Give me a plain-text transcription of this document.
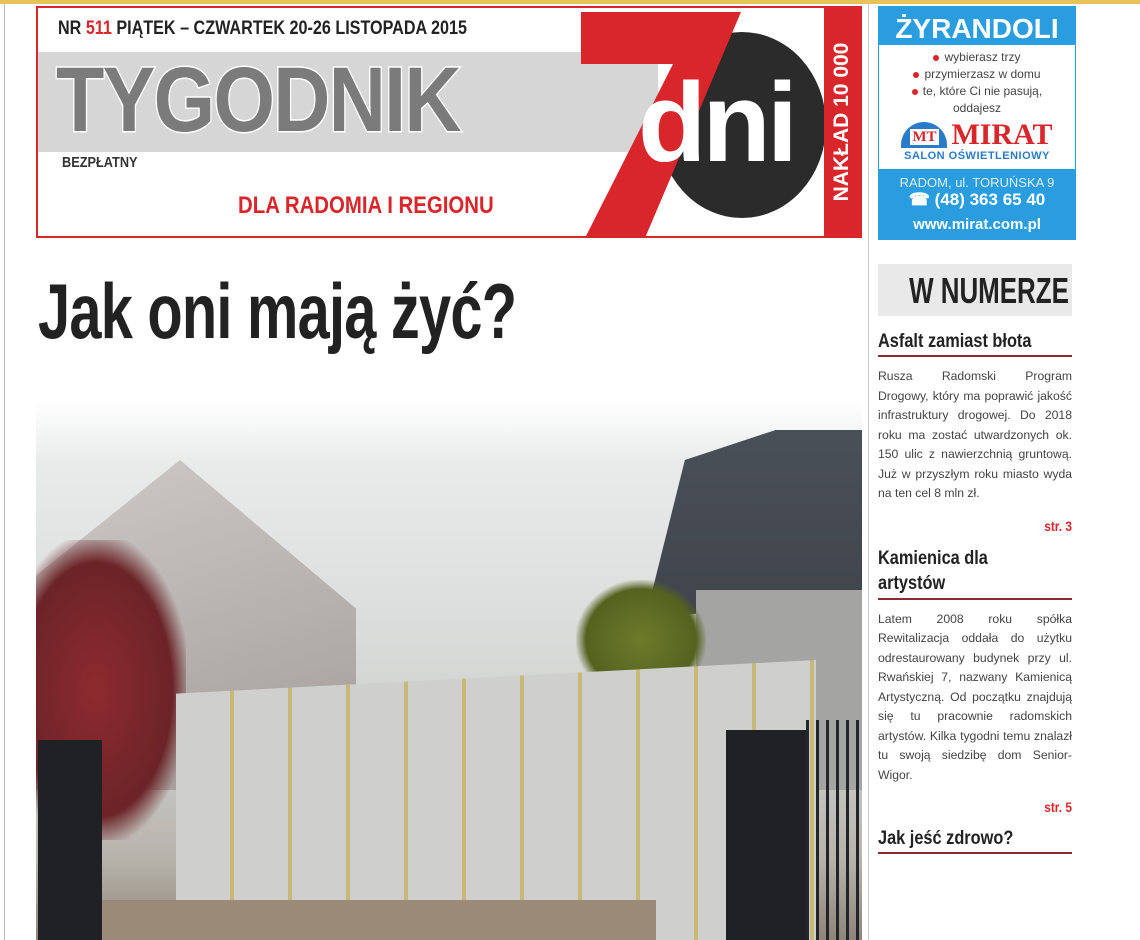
NR 511 PIĄTEK – CZWARTEK 20-26 LISTOPADA 2015
TYGODNIK
BEZPŁATNY
DLA RADOMIA I REGIONU
dni NAKŁAD 10 000
ŻYRANDOLI
wybierasz trzy
przymierzasz w domu
te, które Ci nie pasują,
oddajesz
MT MIRAT
SALON OŚWIETLENIOWY
RADOM, ul. TORUŃSKA 9
☎ (48) 363 65 40
www.mirat.com.pl
Jak oni mają żyć?	W NUMERZE
Asfalt zamiast błota

Rusza Radomski Program Drogowy, który ma poprawić jakość infrastruktury drogowej. Do 2018 roku ma zostać utwardzonych ok. 150 ulic z nawierzchnią gruntową. Już w przyszłym roku miasto wyda na ten cel 8 mln zł.

str. 3
Kamienica dla artystów

Latem 2008 roku spółka Rewitalizacja oddała do użytku odrestaurowany budynek przy ul. Rwańskiej 7, nazwany Kamienicą Artystyczną. Od początku znajdują się tu pracownie radomskich artystów. Kilka tygodni temu znalazł tu swoją siedzibę dom Senior-Wigor.

str. 5
Jak jeść zdrowo?
